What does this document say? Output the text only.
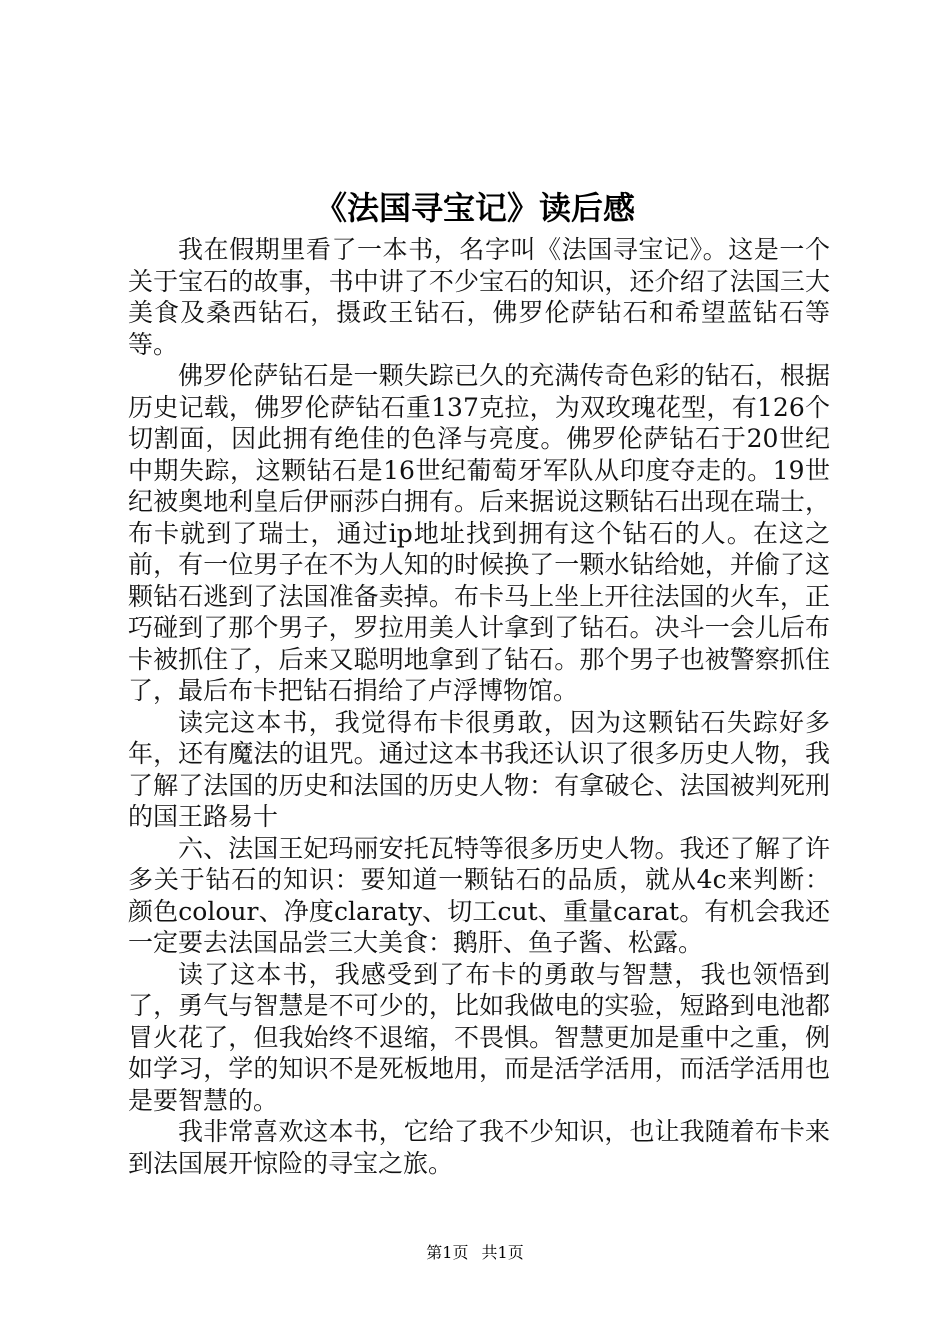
《法国寻宝记》读后感

我在假期里看了一本书，名字叫《法国寻宝记》。这是一个关于宝石的故事，书中讲了不少宝石的知识，还介绍了法国三大美食及桑西钻石，摄政王钻石，佛罗伦萨钻石和希望蓝钻石等等。

佛罗伦萨钻石是一颗失踪已久的充满传奇色彩的钻石，根据历史记载，佛罗伦萨钻石重137克拉，为双玫瑰花型，有126个切割面，因此拥有绝佳的色泽与亮度。佛罗伦萨钻石于20世纪中期失踪，这颗钻石是16世纪葡萄牙军队从印度夺走的。19世纪被奥地利皇后伊丽莎白拥有。后来据说这颗钻石出现在瑞士，布卡就到了瑞士，通过ip地址找到拥有这个钻石的人。在这之前，有一位男子在不为人知的时候换了一颗水钻给她，并偷了这颗钻石逃到了法国准备卖掉。布卡马上坐上开往法国的火车，正巧碰到了那个男子，罗拉用美人计拿到了钻石。决斗一会儿后布卡被抓住了，后来又聪明地拿到了钻石。那个男子也被警察抓住了，最后布卡把钻石捐给了卢浮博物馆。

读完这本书，我觉得布卡很勇敢，因为这颗钻石失踪好多年，还有魔法的诅咒。通过这本书我还认识了很多历史人物，我了解了法国的历史和法国的历史人物：有拿破仑、法国被判死刑的国王路易十

六、法国王妃玛丽安托瓦特等很多历史人物。我还了解了许多关于钻石的知识：要知道一颗钻石的品质，就从4c来判断：颜色colour、净度claraty、切工cut、重量carat。有机会我还一定要去法国品尝三大美食：鹅肝、鱼子酱、松露。

读了这本书，我感受到了布卡的勇敢与智慧，我也领悟到了，勇气与智慧是不可少的，比如我做电的实验，短路到电池都冒火花了，但我始终不退缩，不畏惧。智慧更加是重中之重，例如学习，学的知识不是死板地用，而是活学活用，而活学活用也是要智慧的。

我非常喜欢这本书，它给了我不少知识，也让我随着布卡来到法国展开惊险的寻宝之旅。

第1页 共1页
